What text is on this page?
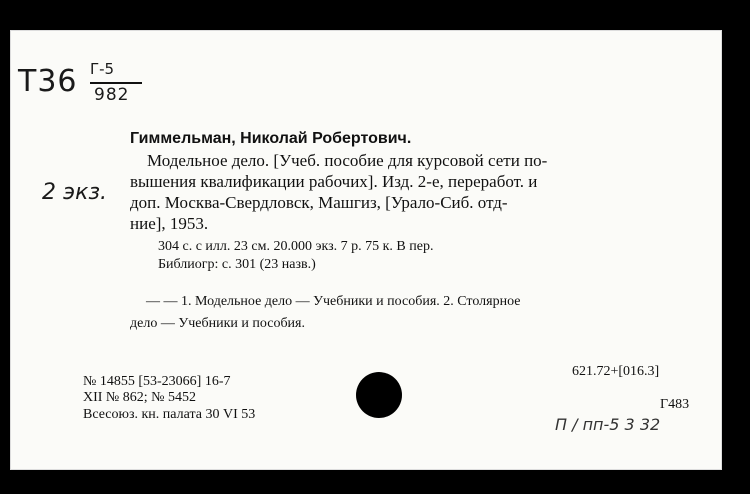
T36 Г-5
982
2 экз.
Гиммельман, Николай Робертович.
Модельное дело. [Учеб. пособие для курсовой сети по-
вышения квалификации рабочих]. Изд. 2-е, переработ. и
доп. Москва-Свердловск, Машгиз, [Урало-Сиб. отд-
ние], 1953.
304 с. с илл. 23 см. 20.000 экз. 7 р. 75 к. В пер.
Библиогр: с. 301 (23 назв.)
— — 1. Модельное дело — Учебники и пособия. 2. Столярное
дело — Учебники и пособия.
№ 14855 [53-23066] 16-7
XII № 862; № 5452
Всесоюз. кн. палата 30 VI 53
621.72+[016.3]
Г483
П / пп-5 3 32
